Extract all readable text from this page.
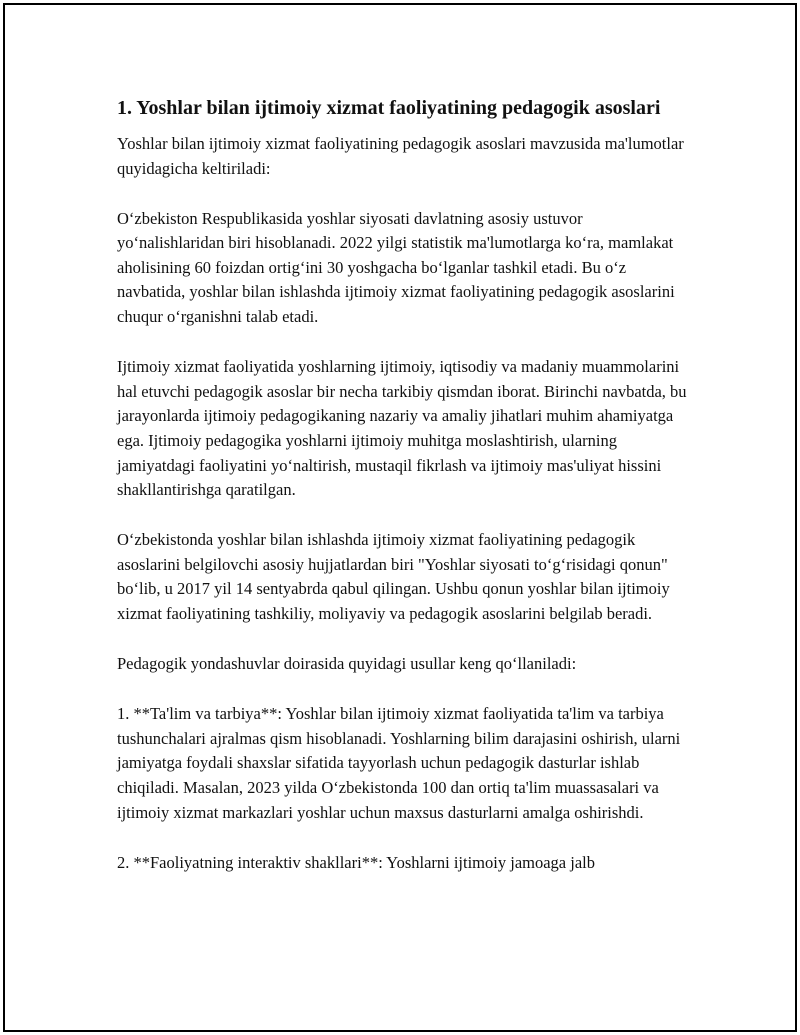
1. Yoshlar bilan ijtimoiy xizmat faoliyatining pedagogik asoslari

Yoshlar bilan ijtimoiy xizmat faoliyatining pedagogik asoslari mavzusida ma'lumotlar quyidagicha keltiriladi:

O‘zbekiston Respublikasida yoshlar siyosati davlatning asosiy ustuvor yo‘nalishlaridan biri hisoblanadi. 2022 yilgi statistik ma'lumotlarga ko‘ra, mamlakat aholisining 60 foizdan ortig‘ini 30 yoshgacha bo‘lganlar tashkil etadi. Bu o‘z navbatida, yoshlar bilan ishlashda ijtimoiy xizmat faoliyatining pedagogik asoslarini chuqur o‘rganishni talab etadi.

Ijtimoiy xizmat faoliyatida yoshlarning ijtimoiy, iqtisodiy va madaniy muammolarini hal etuvchi pedagogik asoslar bir necha tarkibiy qismdan iborat. Birinchi navbatda, bu jarayonlarda ijtimoiy pedagogikaning nazariy va amaliy jihatlari muhim ahamiyatga ega. Ijtimoiy pedagogika yoshlarni ijtimoiy muhitga moslashtirish, ularning jamiyatdagi faoliyatini yo‘naltirish, mustaqil fikrlash va ijtimoiy mas'uliyat hissini shakllantirishga qaratilgan.

O‘zbekistonda yoshlar bilan ishlashda ijtimoiy xizmat faoliyatining pedagogik asoslarini belgilovchi asosiy hujjatlardan biri "Yoshlar siyosati to‘g‘risidagi qonun" bo‘lib, u 2017 yil 14 sentyabrda qabul qilingan. Ushbu qonun yoshlar bilan ijtimoiy xizmat faoliyatining tashkiliy, moliyaviy va pedagogik asoslarini belgilab beradi.

Pedagogik yondashuvlar doirasida quyidagi usullar keng qo‘llaniladi:

1. **Ta'lim va tarbiya**: Yoshlar bilan ijtimoiy xizmat faoliyatida ta'lim va tarbiya tushunchalari ajralmas qism hisoblanadi. Yoshlarning bilim darajasini oshirish, ularni jamiyatga foydali shaxslar sifatida tayyorlash uchun pedagogik dasturlar ishlab chiqiladi. Masalan, 2023 yilda O‘zbekistonda 100 dan ortiq ta'lim muassasalari va ijtimoiy xizmat markazlari yoshlar uchun maxsus dasturlarni amalga oshirishdi.

2. **Faoliyatning interaktiv shakllari**: Yoshlarni ijtimoiy jamoaga jalb
